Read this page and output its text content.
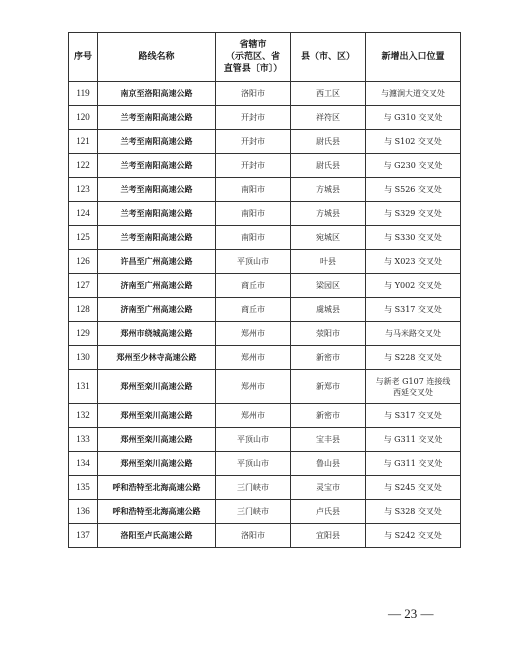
序号	路线名称	省辖市
（示范区、省
直管县〔市〕）	县（市、区）	新增出入口位置
119	南京至洛阳高速公路	洛阳市	西工区	与瀍涧大道交叉处
120	兰考至南阳高速公路	开封市	祥符区	与 G310 交叉处
121	兰考至南阳高速公路	开封市	尉氏县	与 S102 交叉处
122	兰考至南阳高速公路	开封市	尉氏县	与 G230 交叉处
123	兰考至南阳高速公路	南阳市	方城县	与 S526 交叉处
124	兰考至南阳高速公路	南阳市	方城县	与 S329 交叉处
125	兰考至南阳高速公路	南阳市	宛城区	与 S330 交叉处
126	许昌至广州高速公路	平顶山市	叶县	与 X023 交叉处
127	济南至广州高速公路	商丘市	梁园区	与 Y002 交叉处
128	济南至广州高速公路	商丘市	虞城县	与 S317 交叉处
129	郑州市绕城高速公路	郑州市	荥阳市	与马米路交叉处
130	郑州至少林寺高速公路	郑州市	新密市	与 S228 交叉处
131	郑州至栾川高速公路	郑州市	新郑市	与新老 G107 连接线
西延交叉处

132	郑州至栾川高速公路	郑州市	新密市	与 S317 交叉处
133	郑州至栾川高速公路	平顶山市	宝丰县	与 G311 交叉处
134	郑州至栾川高速公路	平顶山市	鲁山县	与 G311 交叉处
135	呼和浩特至北海高速公路	三门峡市	灵宝市	与 S245 交叉处
136	呼和浩特至北海高速公路	三门峡市	卢氏县	与 S328 交叉处
137	洛阳至卢氏高速公路	洛阳市	宜阳县	与 S242 交叉处
— 23 —
